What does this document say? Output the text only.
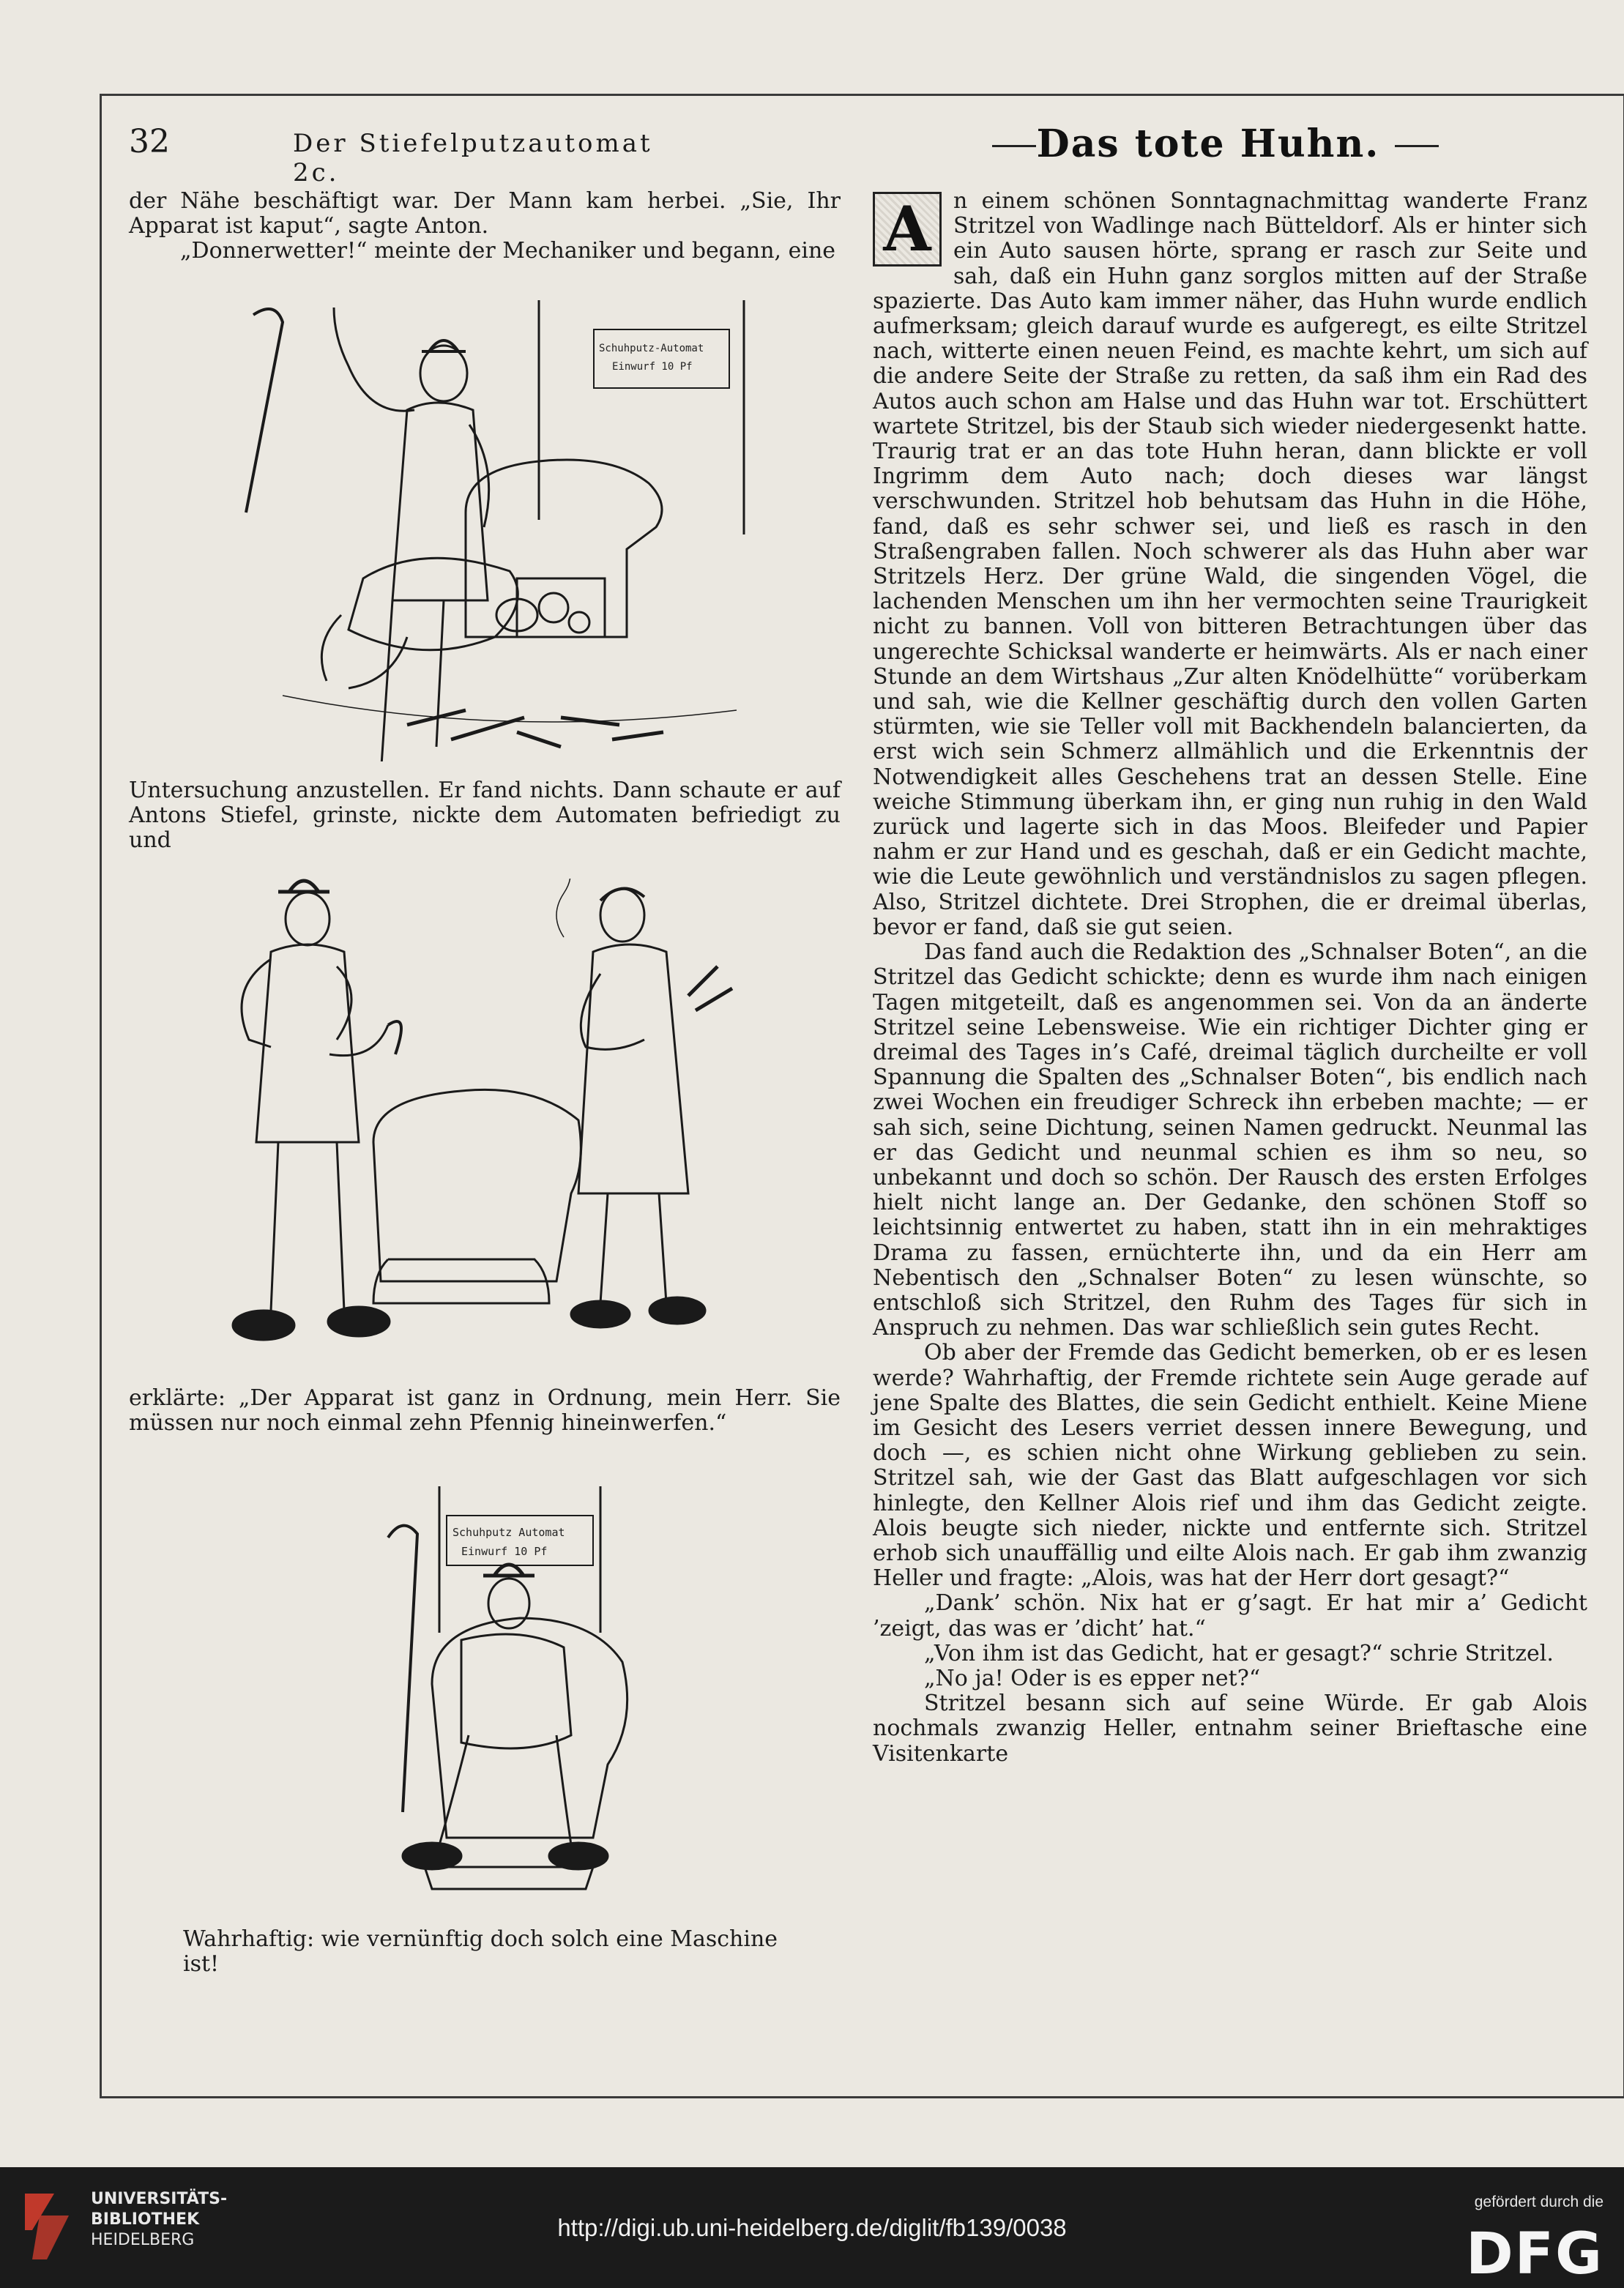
32	Der Stiefelputzautomat 2c.
Das tote Huhn.

der Nähe beschäftigt war. Der Mann kam herbei. „Sie, Ihr Apparat ist kaput“, sagte Anton.

„Donnerwetter!“ meinte der Mechaniker und begann, eine

Schuhputz-Automat
Einwurf 10 Pf

Untersuchung anzustellen. Er fand nichts. Dann schaute er auf Antons Stiefel, grinste, nickte dem Automaten befriedigt zu und

erklärte: „Der Apparat ist ganz in Ordnung, mein Herr. Sie müssen nur noch einmal zehn Pfennig hineinwerfen.“

Schuhputz Automat
Einwurf 10 Pf
Wahrhaftig: wie vernünftig doch solch eine Maschine ist!

A	n einem schönen Sonntagnachmittag wanderte Franz Stritzel von Wadlinge nach Bütteldorf. Als er hinter sich ein Auto sausen hörte, sprang er rasch zur Seite und sah, daß ein Huhn ganz sorglos mitten auf der Straße spazierte. Das Auto kam immer näher, das Huhn wurde endlich aufmerksam; gleich darauf wurde es aufgeregt, es eilte Stritzel nach, witterte einen neuen Feind, es machte kehrt, um sich auf die andere Seite der Straße zu retten, da saß ihm ein Rad des Autos auch schon am Halse und das Huhn war tot. Erschüttert wartete Stritzel, bis der Staub sich wieder niedergesenkt hatte. Traurig trat er an das tote Huhn heran, dann blickte er voll Ingrimm dem Auto nach; doch dieses war längst verschwunden. Stritzel hob behutsam das Huhn in die Höhe, fand, daß es sehr schwer sei, und ließ es rasch in den Straßengraben fallen. Noch schwerer als das Huhn aber war Stritzels Herz. Der grüne Wald, die singenden Vögel, die lachenden Menschen um ihn her vermochten seine Traurigkeit nicht zu bannen. Voll von bitteren Betrachtungen über das ungerechte Schicksal wanderte er heimwärts. Als er nach einer Stunde an dem Wirtshaus „Zur alten Knödelhütte“ vorüberkam und sah, wie die Kellner geschäftig durch den vollen Garten stürmten, wie sie Teller voll mit Backhendeln balancierten, da erst wich sein Schmerz allmählich und die Erkenntnis der Notwendigkeit alles Geschehens trat an dessen Stelle. Eine weiche Stimmung überkam ihn, er ging nun ruhig in den Wald zurück und lagerte sich in das Moos. Bleifeder und Papier nahm er zur Hand und es geschah, daß er ein Gedicht machte, wie die Leute gewöhnlich und verständnislos zu sagen pflegen. Also, Stritzel dichtete. Drei Strophen, die er dreimal überlas, bevor er fand, daß sie gut seien.

Das fand auch die Redaktion des „Schnalser Boten“, an die Stritzel das Gedicht schickte; denn es wurde ihm nach einigen Tagen mitgeteilt, daß es angenommen sei. Von da an änderte Stritzel seine Lebensweise. Wie ein richtiger Dichter ging er dreimal des Tages in’s Café, dreimal täglich durcheilte er voll Spannung die Spalten des „Schnalser Boten“, bis endlich nach zwei Wochen ein freudiger Schreck ihn erbeben machte; — er sah sich, seine Dichtung, seinen Namen gedruckt. Neunmal las er das Gedicht und neunmal schien es ihm so neu, so unbekannt und doch so schön. Der Rausch des ersten Erfolges hielt nicht lange an. Der Gedanke, den schönen Stoff so leichtsinnig entwertet zu haben, statt ihn in ein mehraktiges Drama zu fassen, ernüchterte ihn, und da ein Herr am Nebentisch den „Schnalser Boten“ zu lesen wünschte, so entschloß sich Stritzel, den Ruhm des Tages für sich in Anspruch zu nehmen. Das war schließlich sein gutes Recht.

Ob aber der Fremde das Gedicht bemerken, ob er es lesen werde? Wahrhaftig, der Fremde richtete sein Auge gerade auf jene Spalte des Blattes, die sein Gedicht enthielt. Keine Miene im Gesicht des Lesers verriet dessen innere Bewegung, und doch —, es schien nicht ohne Wirkung geblieben zu sein. Stritzel sah, wie der Gast das Blatt aufgeschlagen vor sich hinlegte, den Kellner Alois rief und ihm das Gedicht zeigte. Alois beugte sich nieder, nickte und entfernte sich. Stritzel erhob sich unauffällig und eilte Alois nach. Er gab ihm zwanzig Heller und fragte: „Alois, was hat der Herr dort gesagt?“

„Dank’ schön. Nix hat er g’sagt. Er hat mir a’ Gedicht ’zeigt, das was er ’dicht’ hat.“

„Von ihm ist das Gedicht, hat er gesagt?“ schrie Stritzel.

„No ja! Oder is es epper net?“

Stritzel besann sich auf seine Würde. Er gab Alois nochmals zwanzig Heller, entnahm seiner Brieftasche eine Visitenkarte

UNIVERSITÄTS-
BIBLIOTHEK
HEIDELBERG	http://digi.ub.uni-heidelberg.de/diglit/fb139/0038
gefördert durch die
DFG
